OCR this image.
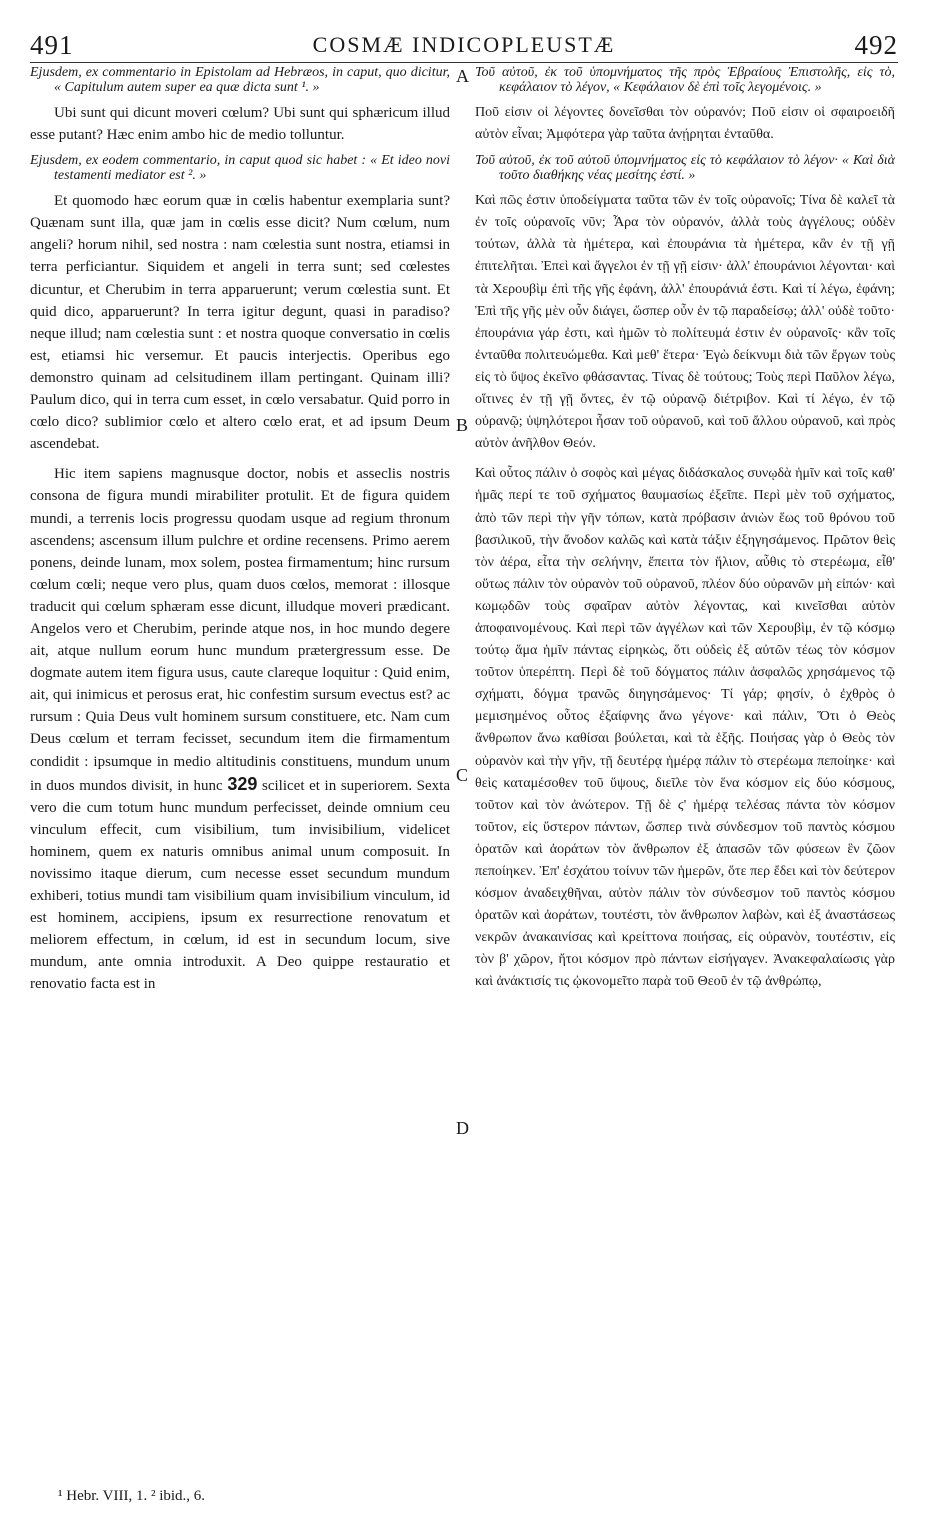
491	COSMÆ INDICOPLEUSTÆ	492

Ejusdem, ex commentario in Epistolam ad Hebræos, in caput, quo dicitur, « Capitulum autem super ea quæ dicta sunt ¹. »

Ubi sunt qui dicunt moveri cœlum? Ubi sunt qui sphæricum illud esse putant? Hæc enim ambo hic de medio tolluntur.

Ejusdem, ex eodem commentario, in caput quod sic habet : « Et ideo novi testamenti mediator est ². »

Et quomodo hæc eorum quæ in cœlis habentur exemplaria sunt? Quænam sunt illa, quæ jam in cœlis esse dicit? Num cœlum, num angeli? horum nihil, sed nostra : nam cœlestia sunt nostra, etiamsi in terra perficiantur. Siquidem et angeli in terra sunt; sed cœlestes dicuntur, et Cherubim in terra apparuerunt; verum cœlestia sunt. Et quid dico, apparuerunt? In terra igitur degunt, quasi in paradiso? neque illud; nam cœlestia sunt : et nostra quoque conversatio in cœlis est, etiamsi hic versemur. Et paucis interjectis. Operibus ego demonstro quinam ad celsitudinem illam pertingant. Quinam illi? Paulum dico, qui in terra cum esset, in cœlo versabatur. Quid porro in cœlo dico? sublimior cœlo et altero cœlo erat, et ad ipsum Deum ascendebat.

Hic item sapiens magnusque doctor, nobis et asseclis nostris consona de figura mundi mirabiliter protulit. Et de figura quidem mundi, a terrenis locis progressu quodam usque ad regium thronum ascendens; ascensum illum pulchre et ordine recensens. Primo aerem ponens, deinde lunam, mox solem, postea firmamentum; hinc rursum cœlum cœli; neque vero plus, quam duos cœlos, memorat : illosque traducit qui cœlum sphæram esse dicunt, illudque moveri prædicant. Angelos vero et Cherubim, perinde atque nos, in hoc mundo degere ait, atque nullum eorum hunc mundum prætergressum esse. De dogmate autem item figura usus, caute clareque loquitur : Quid enim, ait, qui inimicus et perosus erat, hic confestim sursum evectus est? ac rursum : Quia Deus vult hominem sursum constituere, etc. Nam cum Deus cœlum et terram fecisset, secundum item die firmamentum condidit : ipsumque in medio altitudinis constituens, mundum unum in duos mundos divisit, in hunc 329 scilicet et in superiorem. Sexta vero die cum totum hunc mundum perfecisset, deinde omnium ceu vinculum effecit, cum visibilium, tum invisibilium, videlicet hominem, quem ex naturis omnibus animal unum composuit. In novissimo itaque dierum, cum necesse esset secundum mundum exhiberi, totius mundi tam visibilium quam invisibilium vinculum, id est hominem, accipiens, ipsum ex resurrectione renovatum et meliorem effectum, in cœlum, id est in secundum locum, sive mundum, ante omnia introduxit. A Deo quippe restauratio et renovatio facta est in

A
B
C
D

Τοῦ αὐτοῦ, ἐκ τοῦ ὑπομνήματος τῆς πρὸς Ἑβραίους Ἐπιστολῆς, εἰς τὸ, κεφάλαιον τὸ λέγον, « Κεφάλαιον δὲ ἐπὶ τοῖς λεγομένοις. »

Ποῦ εἰσιν οἱ λέγοντες δονεῖσθαι τὸν οὐρανόν; Ποῦ εἰσιν οἱ σφαιροειδῆ αὐτὸν εἶναι; Ἀμφότερα γὰρ ταῦτα ἀνῄρηται ἐνταῦθα.

Τοῦ αὐτοῦ, ἐκ τοῦ αὐτοῦ ὑπομνήματος εἰς τὸ κεφάλαιον τὸ λέγον· « Καὶ διὰ τοῦτο διαθήκης νέας μεσίτης ἐστί. »

Καὶ πῶς ἐστιν ὑποδείγματα ταῦτα τῶν ἐν τοῖς οὐρανοῖς; Τίνα δὲ καλεῖ τὰ ἐν τοῖς οὐρανοῖς νῦν; Ἆρα τὸν οὐρανόν, ἀλλὰ τοὺς ἀγγέλους; οὐδὲν τούτων, ἀλλὰ τὰ ἡμέτερα, καὶ ἐπουράνια τὰ ἡμέτερα, κἂν ἐν τῇ γῇ ἐπιτελῆται. Ἐπεὶ καὶ ἄγγελοι ἐν τῇ γῇ εἰσιν· ἀλλ' ἐπουράνιοι λέγονται· καὶ τὰ Χερουβὶμ ἐπὶ τῆς γῆς ἐφάνη, ἀλλ' ἐπουράνιά ἐστι. Καὶ τί λέγω, ἐφάνη; Ἐπὶ τῆς γῆς μὲν οὖν διάγει, ὥσπερ οὖν ἐν τῷ παραδείσῳ; ἀλλ' οὐδὲ τοῦτο· ἐπουράνια γάρ ἐστι, καὶ ἡμῶν τὸ πολίτευμά ἐστιν ἐν οὐρανοῖς· κἂν τοῖς ἐνταῦθα πολιτευώμεθα. Καὶ μεθ' ἕτερα· Ἐγὼ δείκνυμι διὰ τῶν ἔργων τοὺς εἰς τὸ ὕψος ἐκεῖνο φθάσαντας. Τίνας δὲ τούτους; Τοὺς περὶ Παῦλον λέγω, οἵτινες ἐν τῇ γῇ ὄντες, ἐν τῷ οὐρανῷ διέτριβον. Καὶ τί λέγω, ἐν τῷ οὐρανῷ; ὑψηλότεροι ἦσαν τοῦ οὐρανοῦ, καὶ τοῦ ἄλλου οὐρανοῦ, καὶ πρὸς αὐτὸν ἀνῆλθον Θεόν.

Καὶ οὗτος πάλιν ὁ σοφὸς καὶ μέγας διδάσκαλος συνῳδὰ ἡμῖν καὶ τοῖς καθ' ἡμᾶς περί τε τοῦ σχήματος θαυμασίως ἐξεῖπε. Περὶ μὲν τοῦ σχήματος, ἀπὸ τῶν περὶ τὴν γῆν τόπων, κατὰ πρόβασιν ἀνιὼν ἕως τοῦ θρόνου τοῦ βασιλικοῦ, τὴν ἄνοδον καλῶς καὶ κατὰ τάξιν ἐξηγησάμενος. Πρῶτον θεὶς τὸν ἀέρα, εἶτα τὴν σελήνην, ἔπειτα τὸν ἥλιον, αὖθις τὸ στερέωμα, εἶθ' οὕτως πάλιν τὸν οὐρανὸν τοῦ οὐρανοῦ, πλέον δύο οὐρανῶν μὴ εἰπών· καὶ κωμῳδῶν τοὺς σφαῖραν αὐτὸν λέγοντας, καὶ κινεῖσθαι αὐτὸν ἀποφαινομένους. Καὶ περὶ τῶν ἀγγέλων καὶ τῶν Χερουβὶμ, ἐν τῷ κόσμῳ τούτῳ ἅμα ἡμῖν πάντας εἰρηκὼς, ὅτι οὐδεὶς ἐξ αὐτῶν τέως τὸν κόσμον τοῦτον ὑπερέπτη. Περὶ δὲ τοῦ δόγματος πάλιν ἀσφαλῶς χρησάμενος τῷ σχήματι, δόγμα τρανῶς διηγησάμενος· Τί γάρ; φησίν, ὁ ἐχθρὸς ὁ μεμισημένος οὗτος ἐξαίφνης ἄνω γέγονε· καὶ πάλιν, Ὅτι ὁ Θεὸς ἄνθρωπον ἄνω καθίσαι βούλεται, καὶ τὰ ἑξῆς. Ποιήσας γὰρ ὁ Θεὸς τὸν οὐρανὸν καὶ τὴν γῆν, τῇ δευτέρᾳ ἡμέρᾳ πάλιν τὸ στερέωμα πεποίηκε· καὶ θεὶς καταμέσοθεν τοῦ ὕψους, διεῖλε τὸν ἕνα κόσμον εἰς δύο κόσμους, τοῦτον καὶ τὸν ἀνώτερον. Τῇ δὲ ϛ' ἡμέρᾳ τελέσας πάντα τὸν κόσμον τοῦτον, εἰς ὕστερον πάντων, ὥσπερ τινὰ σύνδεσμον τοῦ παντὸς κόσμου ὁρατῶν καὶ ἀοράτων τὸν ἄνθρωπον ἐξ ἁπασῶν τῶν φύσεων ἓν ζῶον πεποίηκεν. Ἐπ' ἐσχάτου τοίνυν τῶν ἡμερῶν, ὅτε περ ἔδει καὶ τὸν δεύτερον κόσμον ἀναδειχθῆναι, αὐτὸν πάλιν τὸν σύνδεσμον τοῦ παντὸς κόσμου ὁρατῶν καὶ ἀοράτων, τουτέστι, τὸν ἄνθρωπον λαβὼν, καὶ ἐξ ἀναστάσεως νεκρῶν ἀνακαινίσας καὶ κρείττονα ποιήσας, εἰς οὐρανὸν, τουτέστιν, εἰς τὸν β' χῶρον, ἤτοι κόσμον πρὸ πάντων εἰσήγαγεν. Ἀνακεφαλαίωσις γὰρ καὶ ἀνάκτισίς τις ᾠκονομεῖτο παρὰ τοῦ Θεοῦ ἐν τῷ ἀνθρώπῳ,

¹ Hebr. VIII, 1. ² ibid., 6.
